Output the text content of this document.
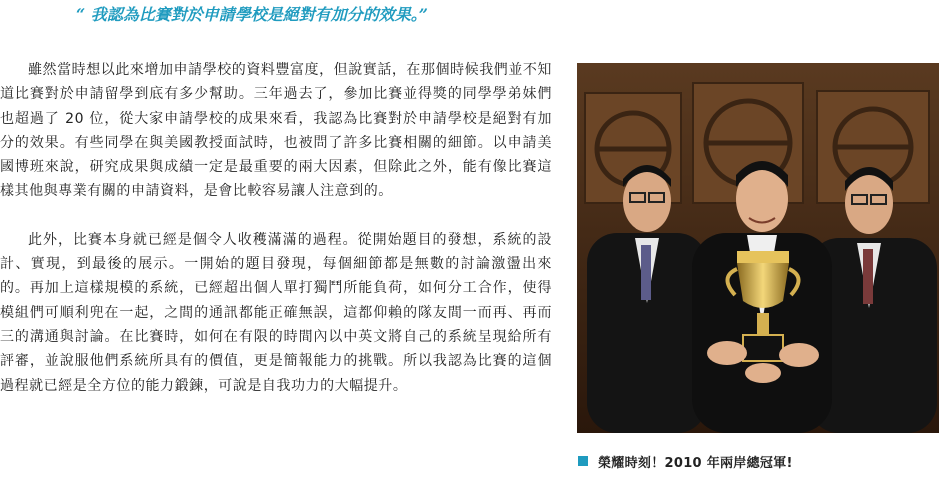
“ 我認為比賽對於申請學校是絕對有加分的效果。”

雖然當時想以此來增加申請學校的資料豐富度，但說實話，在那個時候我們並不知道比賽對於申請留學到底有多少幫助。三年過去了，參加比賽並得獎的同學學弟妹們也超過了 20 位，從大家申請學校的成果來看，我認為比賽對於申請學校是絕對有加分的效果。有些同學在與美國教授面試時，也被問了許多比賽相關的細節。以申請美國博班來說，研究成果與成績一定是最重要的兩大因素，但除此之外，能有像比賽這樣其他與專業有關的申請資料，是會比較容易讓人注意到的。

此外，比賽本身就已經是個令人收穫滿滿的過程。從開始題目的發想，系統的設計、實現，到最後的展示。一開始的題目發現，每個細節都是無數的討論激盪出來的。再加上這樣規模的系統，已經超出個人單打獨鬥所能負荷，如何分工合作，使得模組們可順利兜在一起，之間的通訊都能正確無誤，這都仰賴的隊友間一而再、再而三的溝通與討論。在比賽時，如何在有限的時間內以中英文將自己的系統呈現給所有評審，並說服他們系統所具有的價值，更是簡報能力的挑戰。所以我認為比賽的這個過程就已經是全方位的能力鍛鍊，可說是自我功力的大幅提升。

榮耀時刻！2010 年兩岸總冠軍!
